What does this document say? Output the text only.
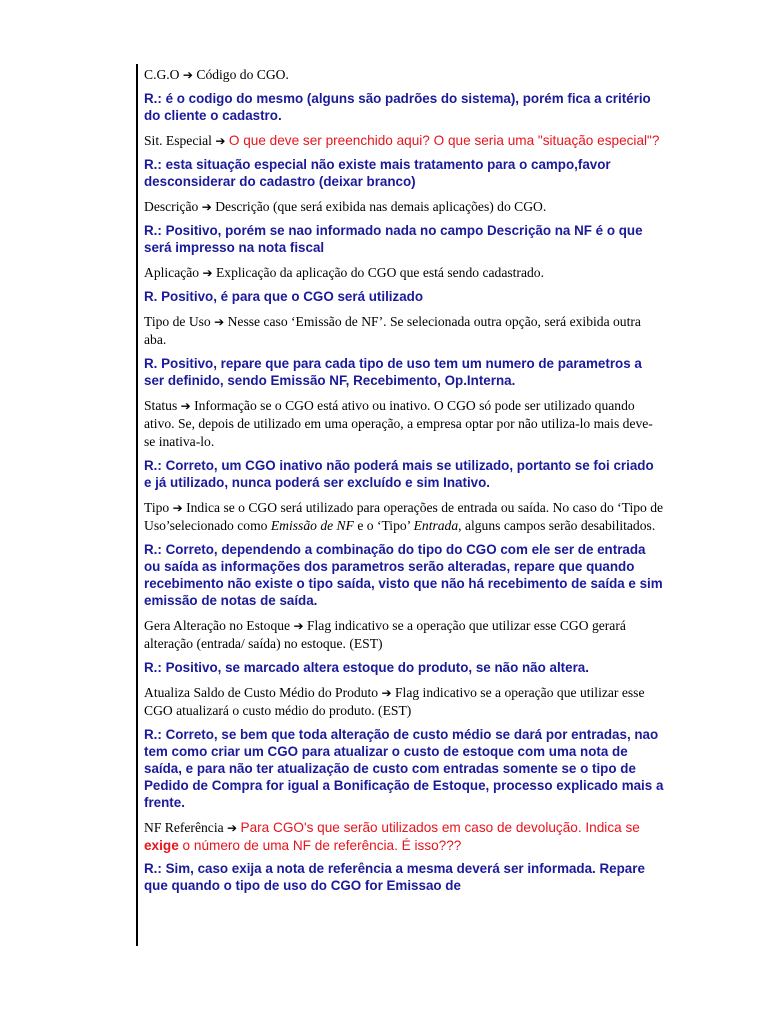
C.G.O ➔ Código do CGO.

R.: é o codigo do mesmo (alguns são padrões do sistema), porém fica a critério do cliente o cadastro.

Sit. Especial ➔ O que deve ser preenchido aqui? O que seria uma "situação especial"?

R.: esta situação especial não existe mais tratamento para o campo,favor desconsiderar do cadastro (deixar branco)

Descrição ➔ Descrição (que será exibida nas demais aplicações) do CGO.

R.: Positivo, porém se nao informado nada no campo Descrição na NF é o que será impresso na nota fiscal

Aplicação ➔ Explicação da aplicação do CGO que está sendo cadastrado.

R. Positivo, é para que o CGO será utilizado

Tipo de Uso ➔ Nesse caso ‘Emissão de NF’. Se selecionada outra opção, será exibida outra aba.

R. Positivo, repare que para cada tipo de uso tem um numero de parametros a ser definido, sendo Emissão NF, Recebimento, Op.Interna.

Status ➔ Informação se o CGO está ativo ou inativo. O CGO só pode ser utilizado quando ativo. Se, depois de utilizado em uma operação, a empresa optar por não utiliza-lo mais deve-se inativa-lo.

R.: Correto, um CGO inativo não poderá mais se utilizado, portanto se foi criado e já utilizado, nunca poderá ser excluído e sim Inativo.

Tipo ➔ Indica se o CGO será utilizado para operações de entrada ou saída. No caso do ‘Tipo de Uso’selecionado como Emissão de NF e o ‘Tipo’ Entrada, alguns campos serão desabilitados.

R.: Correto, dependendo a combinação do tipo do CGO com ele ser de entrada ou saída as informações dos parametros serão alteradas, repare que quando recebimento não existe o tipo saída, visto que não há recebimento de saída e sim emissão de notas de saída.

Gera Alteração no Estoque ➔ Flag indicativo se a operação que utilizar esse CGO gerará alteração (entrada/ saída) no estoque. (EST)

R.: Positivo, se marcado altera estoque do produto, se não não altera.

Atualiza Saldo de Custo Médio do Produto ➔ Flag indicativo se a operação que utilizar esse CGO atualizará o custo médio do produto. (EST)

R.: Correto, se bem que toda alteração de custo médio se dará por entradas, nao tem como criar um CGO para atualizar o custo de estoque com uma nota de saída, e para não ter atualização de custo com entradas somente se o tipo de Pedido de Compra for igual a Bonificação de Estoque, processo explicado mais a frente.

NF Referência ➔ Para CGO's que serão utilizados em caso de devolução. Indica se exige o número de uma NF de referência. É isso???

R.: Sim, caso exija a nota de referência a mesma deverá ser informada. Repare que quando o tipo de uso do CGO for Emissao de
